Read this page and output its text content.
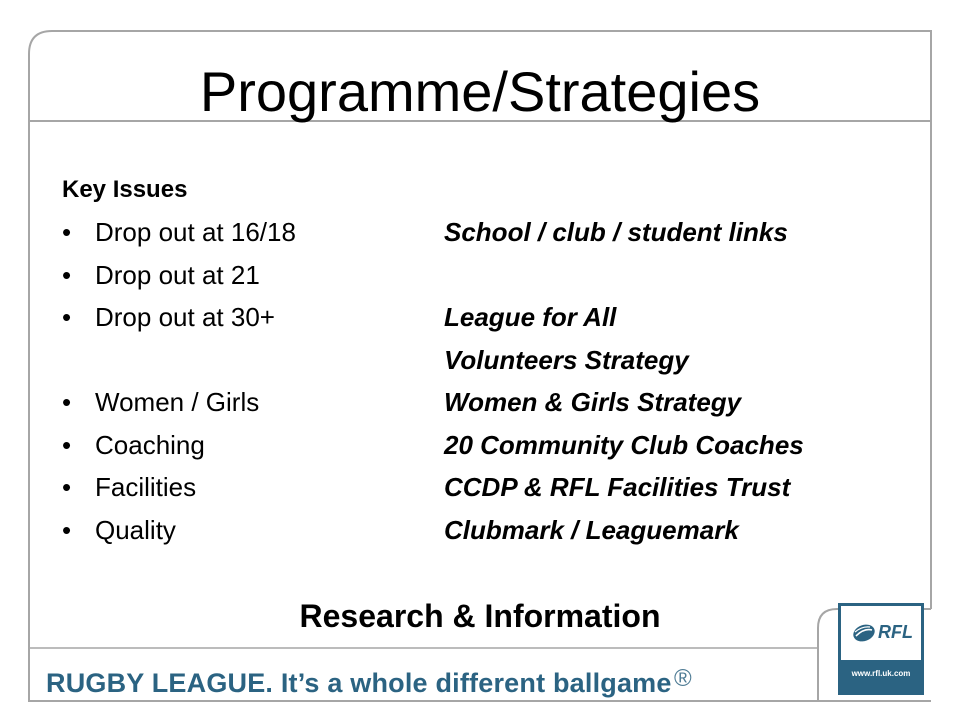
Programme/Strategies
Key Issues
• Drop out at 16/18	School / club / student links
• Drop out at 21
• Drop out at 30+	League for All
Volunteers Strategy
• Women / Girls	Women & Girls Strategy
• Coaching	20 Community Club Coaches
• Facilities	CCDP & RFL Facilities Trust
• Quality	Clubmark / Leaguemark
Research & Information
RUGBY LEAGUE. It’s a whole different ballgame®
RFL
www.rfl.uk.com
